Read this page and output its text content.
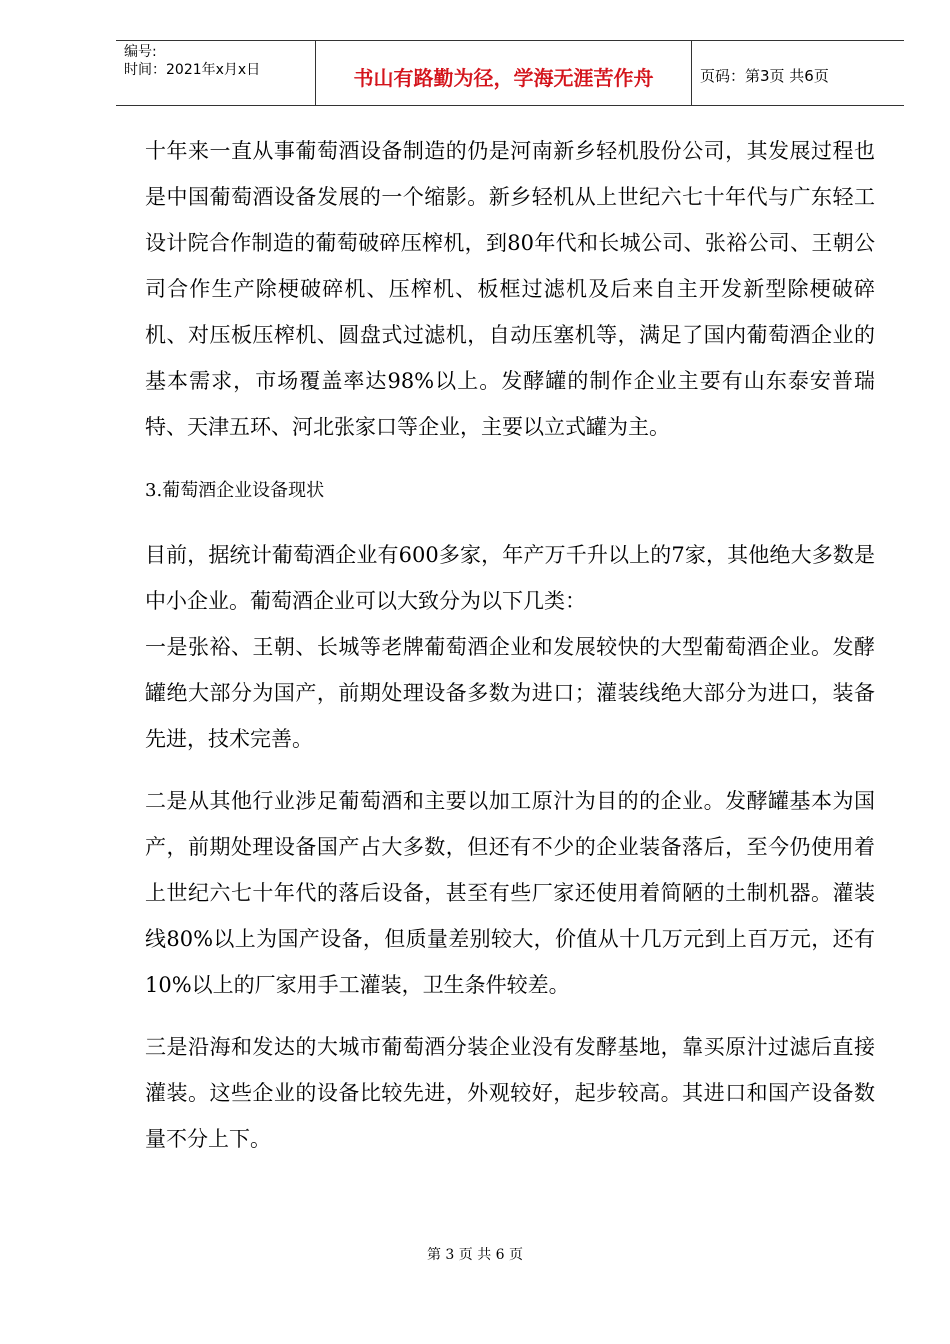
编号:
时间：2021年x月x日	书山有路勤为径，学海无涯苦作舟	页码：第3页 共6页

十年来一直从事葡萄酒设备制造的仍是河南新乡轻机股份公司，其发展过程也是中国葡萄酒设备发展的一个缩影。新乡轻机从上世纪六七十年代与广东轻工设计院合作制造的葡萄破碎压榨机，到80年代和长城公司、张裕公司、王朝公司合作生产除梗破碎机、压榨机、板框过滤机及后来自主开发新型除梗破碎机、对压板压榨机、圆盘式过滤机，自动压塞机等，满足了国内葡萄酒企业的基本需求，市场覆盖率达98%以上。发酵罐的制作企业主要有山东泰安普瑞特、天津五环、河北张家口等企业，主要以立式罐为主。

3.葡萄酒企业设备现状

目前，据统计葡萄酒企业有600多家，年产万千升以上的7家，其他绝大多数是中小企业。葡萄酒企业可以大致分为以下几类：

一是张裕、王朝、长城等老牌葡萄酒企业和发展较快的大型葡萄酒企业。发酵罐绝大部分为国产，前期处理设备多数为进口；灌装线绝大部分为进口，装备先进，技术完善。

二是从其他行业涉足葡萄酒和主要以加工原汁为目的的企业。发酵罐基本为国产，前期处理设备国产占大多数，但还有不少的企业装备落后，至今仍使用着上世纪六七十年代的落后设备，甚至有些厂家还使用着简陋的土制机器。灌装线80%以上为国产设备，但质量差别较大，价值从十几万元到上百万元，还有10%以上的厂家用手工灌装，卫生条件较差。

三是沿海和发达的大城市葡萄酒分装企业没有发酵基地，靠买原汁过滤后直接灌装。这些企业的设备比较先进，外观较好，起步较高。其进口和国产设备数量不分上下。

第 3 页 共 6 页
